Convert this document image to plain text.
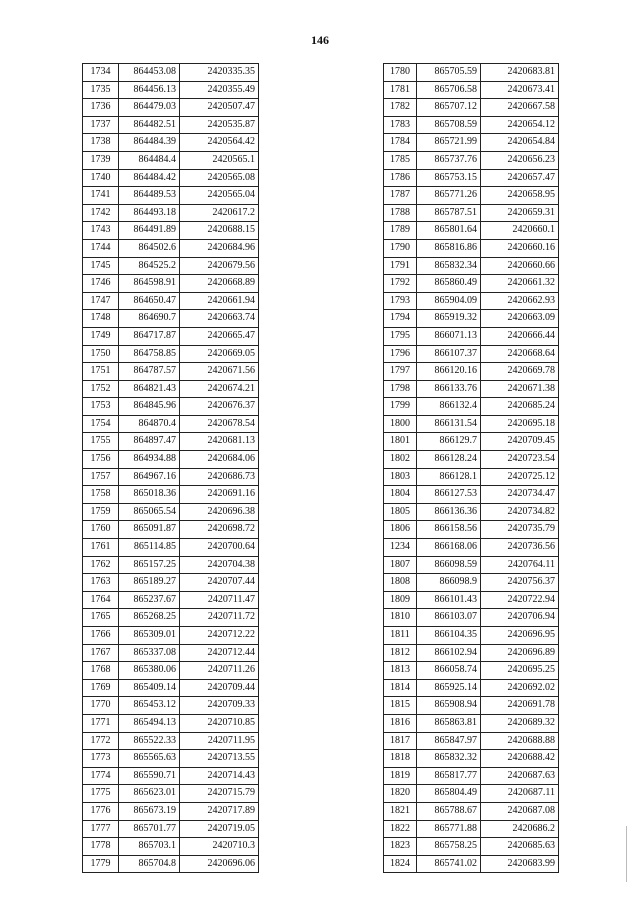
146
1734	864453.08	2420335.35
1735	864456.13	2420355.49
1736	864479.03	2420507.47
1737	864482.51	2420535.87
1738	864484.39	2420564.42
1739	864484.4	2420565.1
1740	864484.42	2420565.08
1741	864489.53	2420565.04
1742	864493.18	2420617.2
1743	864491.89	2420688.15
1744	864502.6	2420684.96
1745	864525.2	2420679.56
1746	864598.91	2420668.89
1747	864650.47	2420661.94
1748	864690.7	2420663.74
1749	864717.87	2420665.47
1750	864758.85	2420669.05
1751	864787.57	2420671.56
1752	864821.43	2420674.21
1753	864845.96	2420676.37
1754	864870.4	2420678.54
1755	864897.47	2420681.13
1756	864934.88	2420684.06
1757	864967.16	2420686.73
1758	865018.36	2420691.16
1759	865065.54	2420696.38
1760	865091.87	2420698.72
1761	865114.85	2420700.64
1762	865157.25	2420704.38
1763	865189.27	2420707.44
1764	865237.67	2420711.47
1765	865268.25	2420711.72
1766	865309.01	2420712.22
1767	865337.08	2420712.44
1768	865380.06	2420711.26
1769	865409.14	2420709.44
1770	865453.12	2420709.33
1771	865494.13	2420710.85
1772	865522.33	2420711.95
1773	865565.63	2420713.55
1774	865590.71	2420714.43
1775	865623.01	2420715.79
1776	865673.19	2420717.89
1777	865701.77	2420719.05
1778	865703.1	2420710.3
1779	865704.8	2420696.06
1780	865705.59	2420683.81
1781	865706.58	2420673.41
1782	865707.12	2420667.58
1783	865708.59	2420654.12
1784	865721.99	2420654.84
1785	865737.76	2420656.23
1786	865753.15	2420657.47
1787	865771.26	2420658.95
1788	865787.51	2420659.31
1789	865801.64	2420660.1
1790	865816.86	2420660.16
1791	865832.34	2420660.66
1792	865860.49	2420661.32
1793	865904.09	2420662.93
1794	865919.32	2420663.09
1795	866071.13	2420666.44
1796	866107.37	2420668.64
1797	866120.16	2420669.78
1798	866133.76	2420671.38
1799	866132.4	2420685.24
1800	866131.54	2420695.18
1801	866129.7	2420709.45
1802	866128.24	2420723.54
1803	866128.1	2420725.12
1804	866127.53	2420734.47
1805	866136.36	2420734.82
1806	866158.56	2420735.79
1234	866168.06	2420736.56
1807	866098.59	2420764.11
1808	866098.9	2420756.37
1809	866101.43	2420722.94
1810	866103.07	2420706.94
1811	866104.35	2420696.95
1812	866102.94	2420696.89
1813	866058.74	2420695.25
1814	865925.14	2420692.02
1815	865908.94	2420691.78
1816	865863.81	2420689.32
1817	865847.97	2420688.88
1818	865832.32	2420688.42
1819	865817.77	2420687.63
1820	865804.49	2420687.11
1821	865788.67	2420687.08
1822	865771.88	2420686.2
1823	865758.25	2420685.63
1824	865741.02	2420683.99
